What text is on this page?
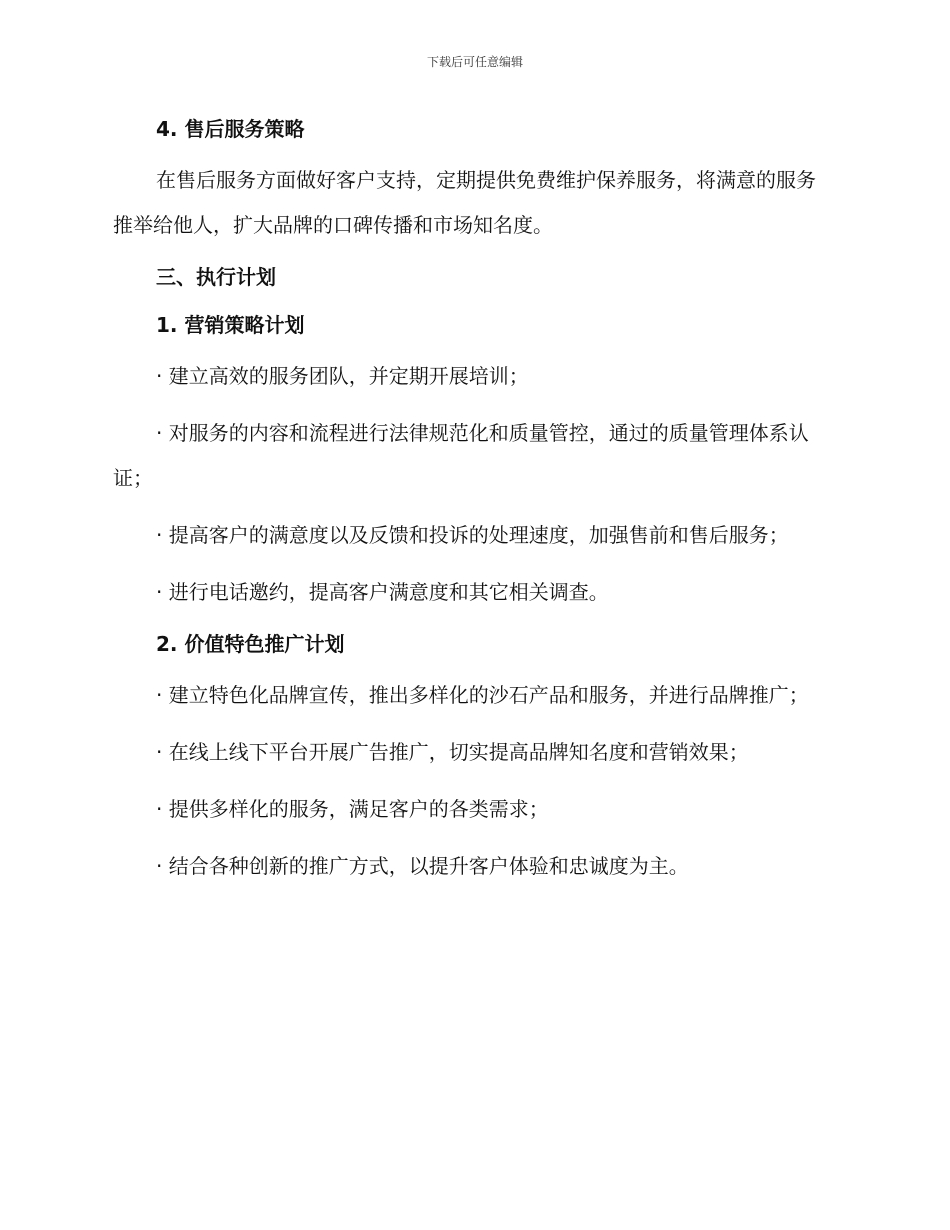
下载后可任意编辑
4. 售后服务策略

在售后服务方面做好客户支持，定期提供免费维护保养服务，将满意的服务推举给他人，扩大品牌的口碑传播和市场知名度。

三、执行计划
1. 营销策略计划

· 建立高效的服务团队，并定期开展培训；

· 对服务的内容和流程进行法律规范化和质量管控，通过的质量管理体系认证；

· 提高客户的满意度以及反馈和投诉的处理速度，加强售前和售后服务；

· 进行电话邀约，提高客户满意度和其它相关调查。

2. 价值特色推广计划

· 建立特色化品牌宣传，推出多样化的沙石产品和服务，并进行品牌推广；

· 在线上线下平台开展广告推广，切实提高品牌知名度和营销效果；

· 提供多样化的服务，满足客户的各类需求；

· 结合各种创新的推广方式，以提升客户体验和忠诚度为主。
